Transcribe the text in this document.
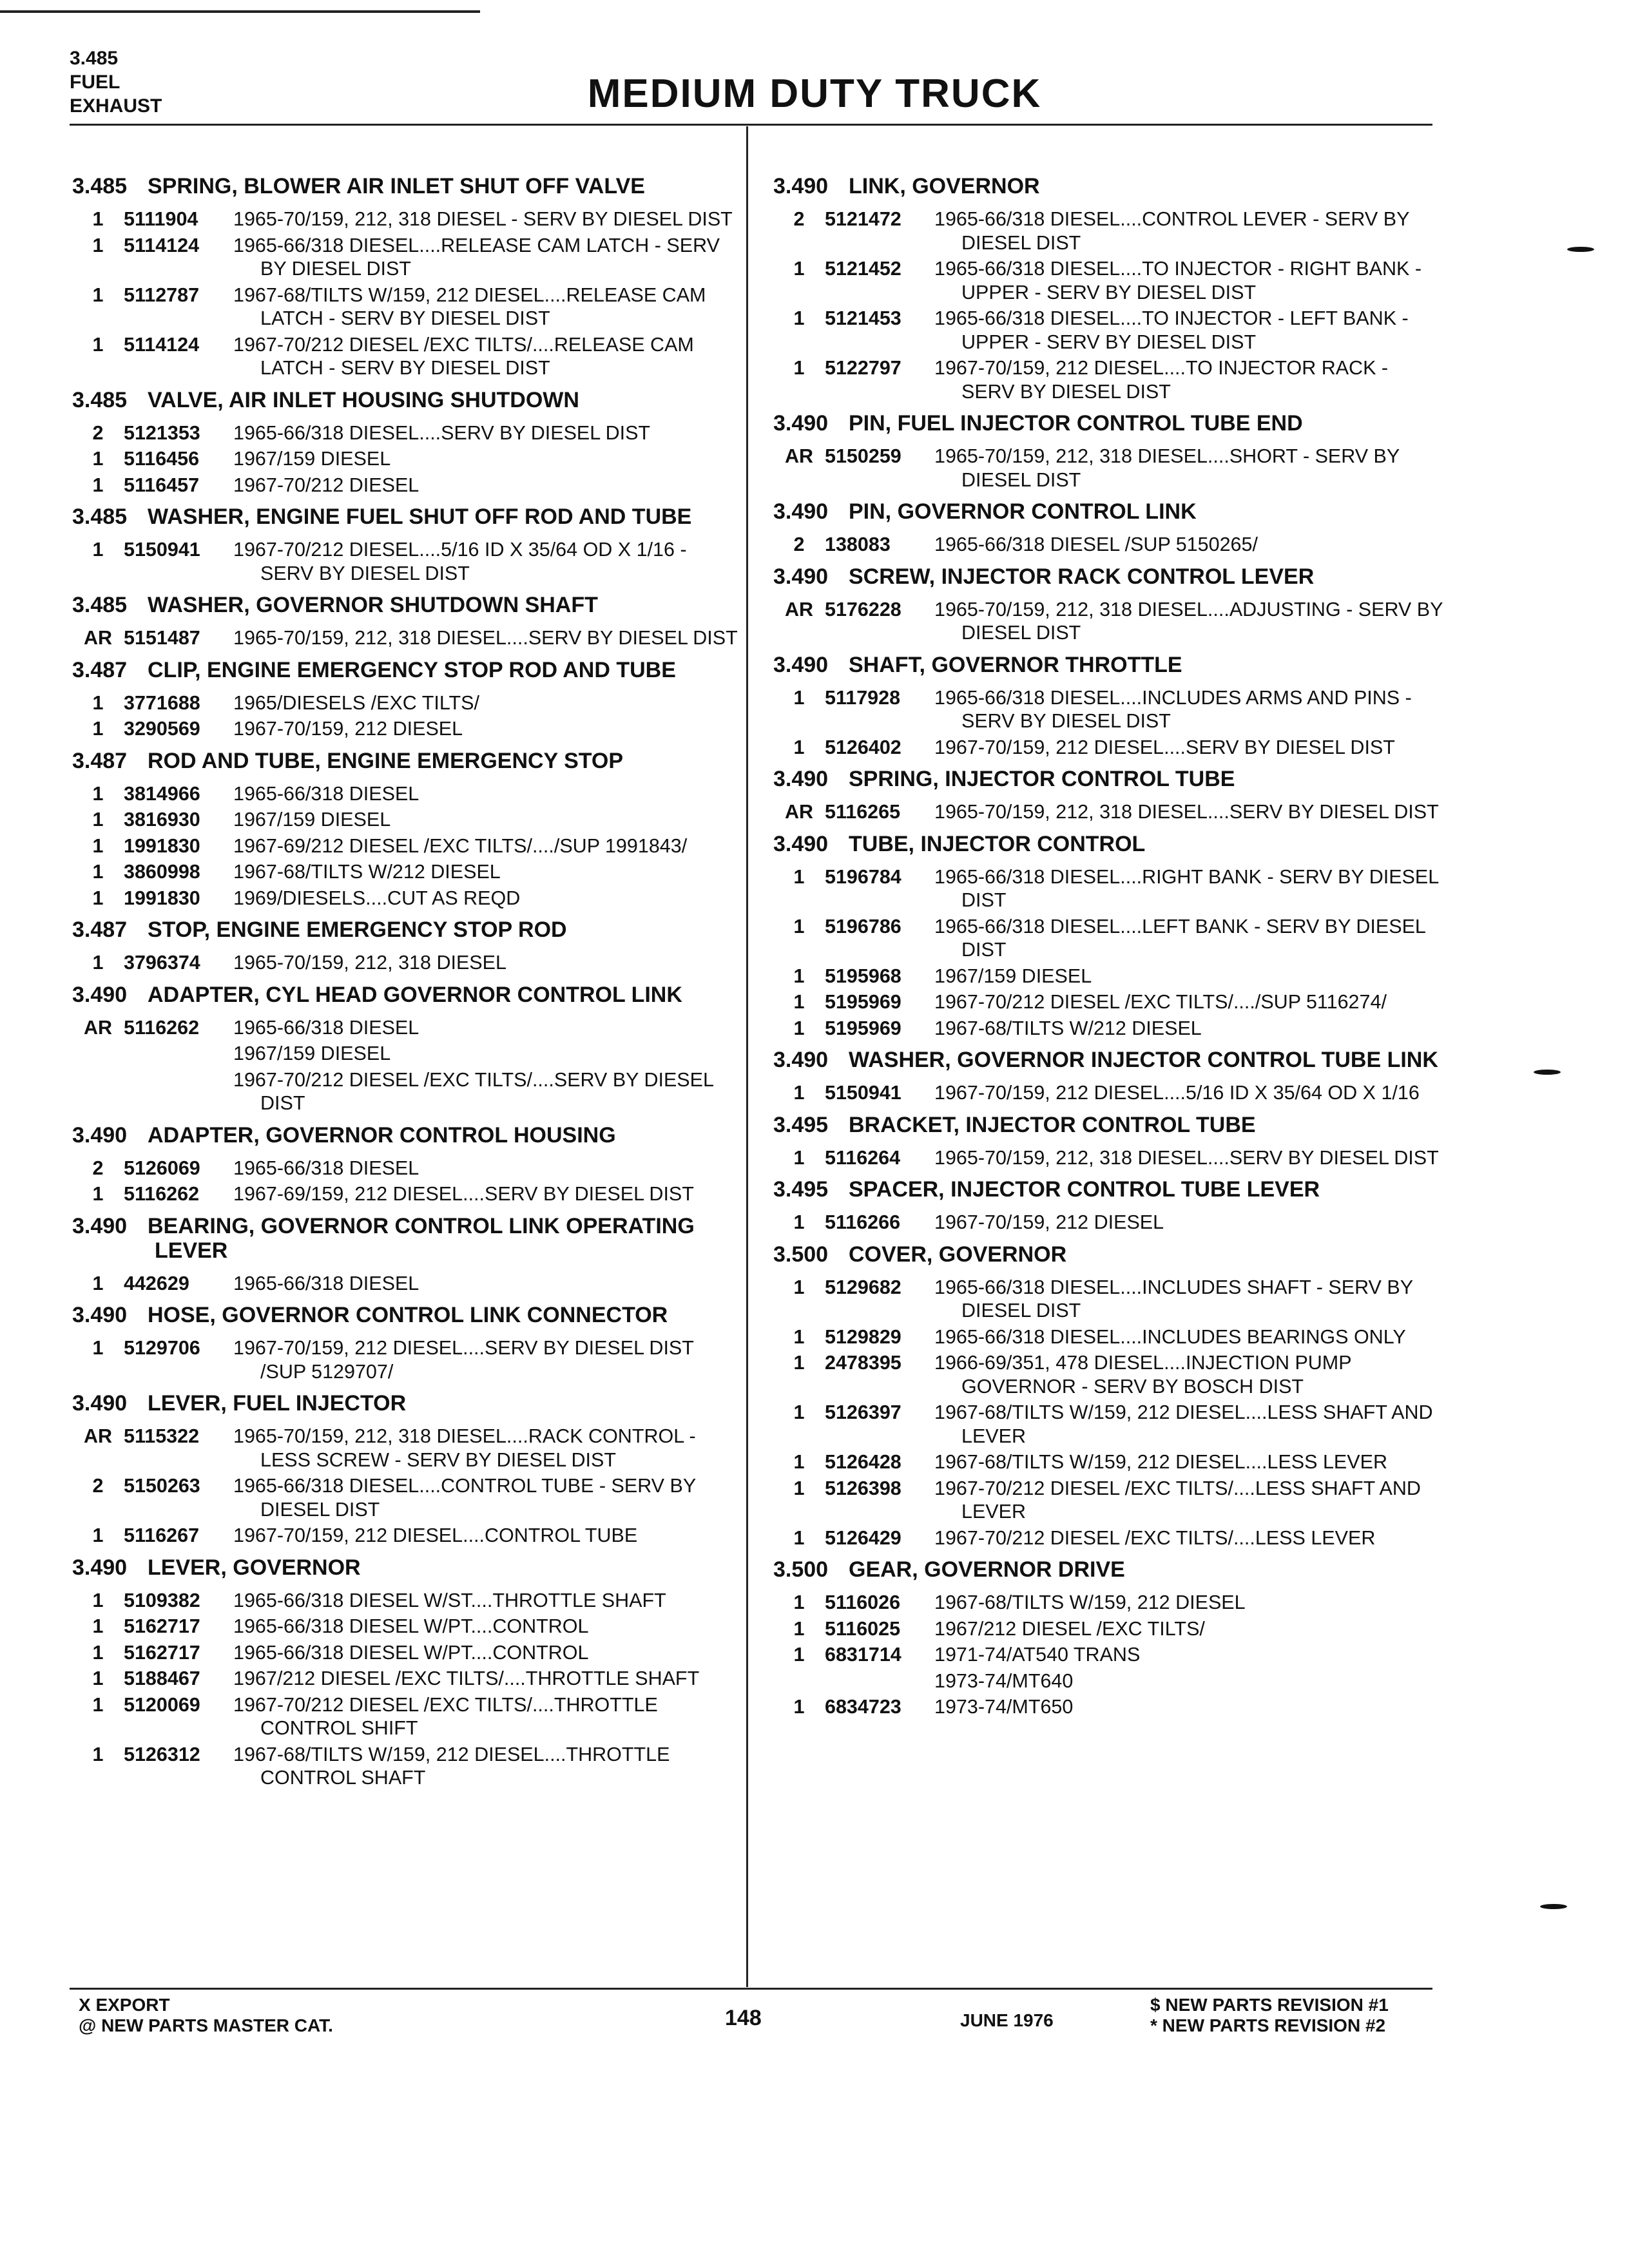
3.485
FUEL
EXHAUST	MEDIUM DUTY TRUCK
3.485 SPRING, BLOWER AIR INLET SHUT OFF VALVE
1	5111904	1965-70/159, 212, 318 DIESEL - SERV BY DIESEL DIST
1	5114124	1965-66/318 DIESEL....RELEASE CAM LATCH - SERV BY DIESEL DIST
1	5112787	1967-68/TILTS W/159, 212 DIESEL....RELEASE CAM LATCH - SERV BY DIESEL DIST
1	5114124	1967-70/212 DIESEL /EXC TILTS/....RELEASE CAM LATCH - SERV BY DIESEL DIST
3.485 VALVE, AIR INLET HOUSING SHUTDOWN
2	5121353	1965-66/318 DIESEL....SERV BY DIESEL DIST
1	5116456	1967/159 DIESEL
1	5116457	1967-70/212 DIESEL
3.485 WASHER, ENGINE FUEL SHUT OFF ROD AND TUBE
1	5150941	1967-70/212 DIESEL....5/16 ID X 35/64 OD X 1/16 - SERV BY DIESEL DIST
3.485 WASHER, GOVERNOR SHUTDOWN SHAFT
AR 5151487	1965-70/159, 212, 318 DIESEL....SERV BY DIESEL DIST
3.487 CLIP, ENGINE EMERGENCY STOP ROD AND TUBE
1	3771688	1965/DIESELS /EXC TILTS/
1	3290569	1967-70/159, 212 DIESEL
3.487 ROD AND TUBE, ENGINE EMERGENCY STOP
1	3814966	1965-66/318 DIESEL
1	3816930	1967/159 DIESEL
1	1991830	1967-69/212 DIESEL /EXC TILTS/..../SUP 1991843/
1	3860998	1967-68/TILTS W/212 DIESEL
1	1991830	1969/DIESELS....CUT AS REQD
3.487 STOP, ENGINE EMERGENCY STOP ROD
1	3796374	1965-70/159, 212, 318 DIESEL
3.490 ADAPTER, CYL HEAD GOVERNOR CONTROL LINK
AR 5116262	1965-66/318 DIESEL
1967/159 DIESEL
1967-70/212 DIESEL /EXC TILTS/....SERV BY DIESEL DIST
3.490 ADAPTER, GOVERNOR CONTROL HOUSING
2	5126069	1965-66/318 DIESEL
1	5116262	1967-69/159, 212 DIESEL....SERV BY DIESEL DIST
3.490 BEARING, GOVERNOR CONTROL LINK OPERATING LEVER
1	442629	1965-66/318 DIESEL
3.490 HOSE, GOVERNOR CONTROL LINK CONNECTOR
1	5129706	1967-70/159, 212 DIESEL....SERV BY DIESEL DIST /SUP 5129707/
3.490 LEVER, FUEL INJECTOR
AR 5115322	1965-70/159, 212, 318 DIESEL....RACK CONTROL - LESS SCREW - SERV BY DIESEL DIST
2	5150263	1965-66/318 DIESEL....CONTROL TUBE - SERV BY DIESEL DIST
1	5116267	1967-70/159, 212 DIESEL....CONTROL TUBE
3.490 LEVER, GOVERNOR
1	5109382	1965-66/318 DIESEL W/ST....THROTTLE SHAFT
1	5162717	1965-66/318 DIESEL W/PT....CONTROL
1	5162717	1965-66/318 DIESEL W/PT....CONTROL
1	5188467	1967/212 DIESEL /EXC TILTS/....THROTTLE SHAFT
1	5120069	1967-70/212 DIESEL /EXC TILTS/....THROTTLE CONTROL SHIFT
1	5126312	1967-68/TILTS W/159, 212 DIESEL....THROTTLE CONTROL SHAFT
3.490 LINK, GOVERNOR
2	5121472	1965-66/318 DIESEL....CONTROL LEVER - SERV BY DIESEL DIST
1	5121452	1965-66/318 DIESEL....TO INJECTOR - RIGHT BANK - UPPER - SERV BY DIESEL DIST
1	5121453	1965-66/318 DIESEL....TO INJECTOR - LEFT BANK - UPPER - SERV BY DIESEL DIST
1	5122797	1967-70/159, 212 DIESEL....TO INJECTOR RACK - SERV BY DIESEL DIST
3.490 PIN, FUEL INJECTOR CONTROL TUBE END
AR 5150259	1965-70/159, 212, 318 DIESEL....SHORT - SERV BY DIESEL DIST
3.490 PIN, GOVERNOR CONTROL LINK
2	138083	1965-66/318 DIESEL /SUP 5150265/
3.490 SCREW, INJECTOR RACK CONTROL LEVER
AR 5176228	1965-70/159, 212, 318 DIESEL....ADJUSTING - SERV BY DIESEL DIST
3.490 SHAFT, GOVERNOR THROTTLE
1	5117928	1965-66/318 DIESEL....INCLUDES ARMS AND PINS - SERV BY DIESEL DIST
1	5126402	1967-70/159, 212 DIESEL....SERV BY DIESEL DIST
3.490 SPRING, INJECTOR CONTROL TUBE
AR 5116265	1965-70/159, 212, 318 DIESEL....SERV BY DIESEL DIST
3.490 TUBE, INJECTOR CONTROL
1	5196784	1965-66/318 DIESEL....RIGHT BANK - SERV BY DIESEL DIST
1	5196786	1965-66/318 DIESEL....LEFT BANK - SERV BY DIESEL DIST
1	5195968	1967/159 DIESEL
1	5195969	1967-70/212 DIESEL /EXC TILTS/..../SUP 5116274/
1	5195969	1967-68/TILTS W/212 DIESEL
3.490 WASHER, GOVERNOR INJECTOR CONTROL TUBE LINK
1	5150941	1967-70/159, 212 DIESEL....5/16 ID X 35/64 OD X 1/16
3.495 BRACKET, INJECTOR CONTROL TUBE
1	5116264	1965-70/159, 212, 318 DIESEL....SERV BY DIESEL DIST
3.495 SPACER, INJECTOR CONTROL TUBE LEVER
1	5116266	1967-70/159, 212 DIESEL
3.500 COVER, GOVERNOR
1	5129682	1965-66/318 DIESEL....INCLUDES SHAFT - SERV BY DIESEL DIST
1	5129829	1965-66/318 DIESEL....INCLUDES BEARINGS ONLY
1	2478395	1966-69/351, 478 DIESEL....INJECTION PUMP GOVERNOR - SERV BY BOSCH DIST
1	5126397	1967-68/TILTS W/159, 212 DIESEL....LESS SHAFT AND LEVER
1	5126428	1967-68/TILTS W/159, 212 DIESEL....LESS LEVER
1	5126398	1967-70/212 DIESEL /EXC TILTS/....LESS SHAFT AND LEVER
1	5126429	1967-70/212 DIESEL /EXC TILTS/....LESS LEVER
3.500 GEAR, GOVERNOR DRIVE
1	5116026	1967-68/TILTS W/159, 212 DIESEL
1	5116025	1967/212 DIESEL /EXC TILTS/
1	6831714	1971-74/AT540 TRANS
1973-74/MT640
1	6834723	1973-74/MT650
X EXPORT
@ NEW PARTS MASTER CAT.	148	JUNE 1976
$ NEW PARTS REVISION #1
* NEW PARTS REVISION #2
